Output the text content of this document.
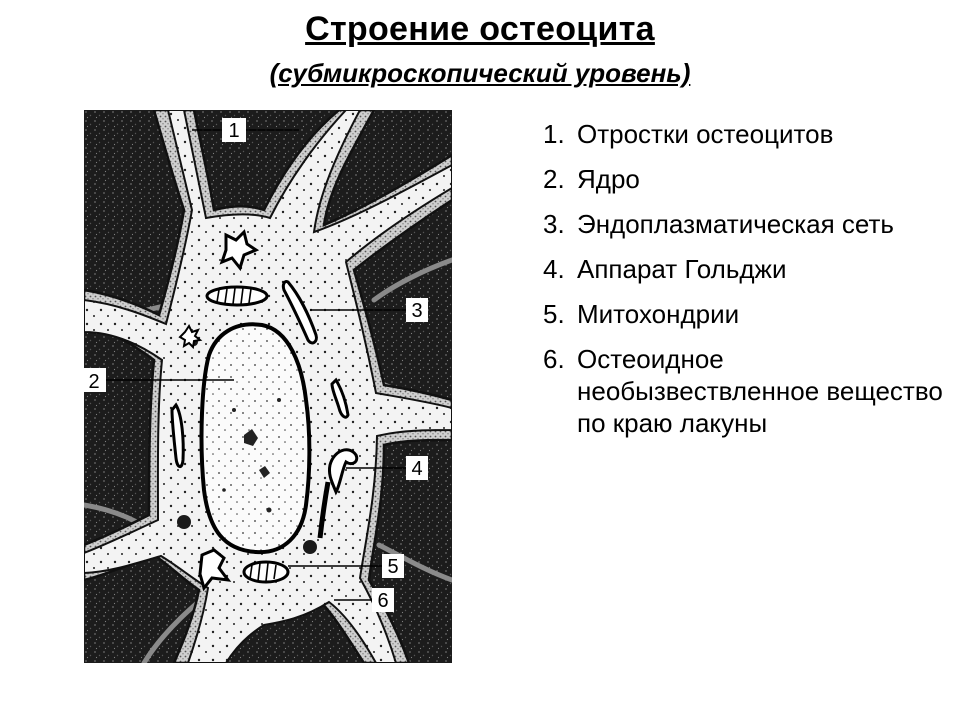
Строение остеоцита
(субмикроскопический уровень)
1
2
3
4
5
6
1. Отростки остеоцитов
2. Ядро
3. Эндоплазматическая сеть
4. Аппарат Гольджи
5. Митохондрии
6. Остеоидное необызвествленное вещество по краю лакуны
